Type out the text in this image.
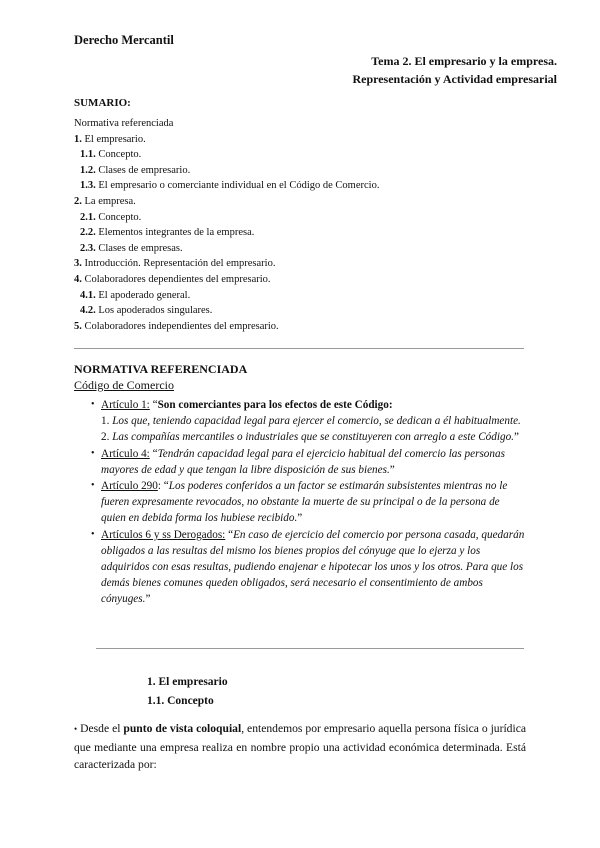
Derecho Mercantil
Tema 2. El empresario y la empresa.
Representación y Actividad empresarial
SUMARIO:
Normativa referenciada
1. El empresario.
1.1. Concepto.
1.2. Clases de empresario.
1.3. El empresario o comerciante individual en el Código de Comercio.
2. La empresa.
2.1. Concepto.
2.2. Elementos integrantes de la empresa.
2.3. Clases de empresas.
3. Introducción. Representación del empresario.
4. Colaboradores dependientes del empresario.
4.1. El apoderado general.
4.2. Los apoderados singulares.
5. Colaboradores independientes del empresario.
NORMATIVA REFERENCIADA
Código de Comercio
• Artículo 1: “Son comerciantes para los efectos de este Código:
1. Los que, teniendo capacidad legal para ejercer el comercio, se dedican a él habitualmente.
2. Las compañías mercantiles o industriales que se constituyeren con arreglo a este Código.”
• Artículo 4: “Tendrán capacidad legal para el ejercicio habitual del comercio las personas mayores de edad y que tengan la libre disposición de sus bienes.”
• Artículo 290: “Los poderes conferidos a un factor se estimarán subsistentes mientras no le fueren expresamente revocados, no obstante la muerte de su principal o de la persona de quien en debida forma los hubiese recibido.”
• Artículos 6 y ss Derogados: “En caso de ejercicio del comercio por persona casada, quedarán obligados a las resultas del mismo los bienes propios del cónyuge que lo ejerza y los adquiridos con esas resultas, pudiendo enajenar e hipotecar los unos y los otros. Para que los demás bienes comunes queden obligados, será necesario el consentimiento de ambos cónyuges.”
1. El empresario
1.1. Concepto
• Desde el punto de vista coloquial, entendemos por empresario aquella persona física o jurídica que mediante una empresa realiza en nombre propio una actividad económica determinada. Está caracterizada por:
